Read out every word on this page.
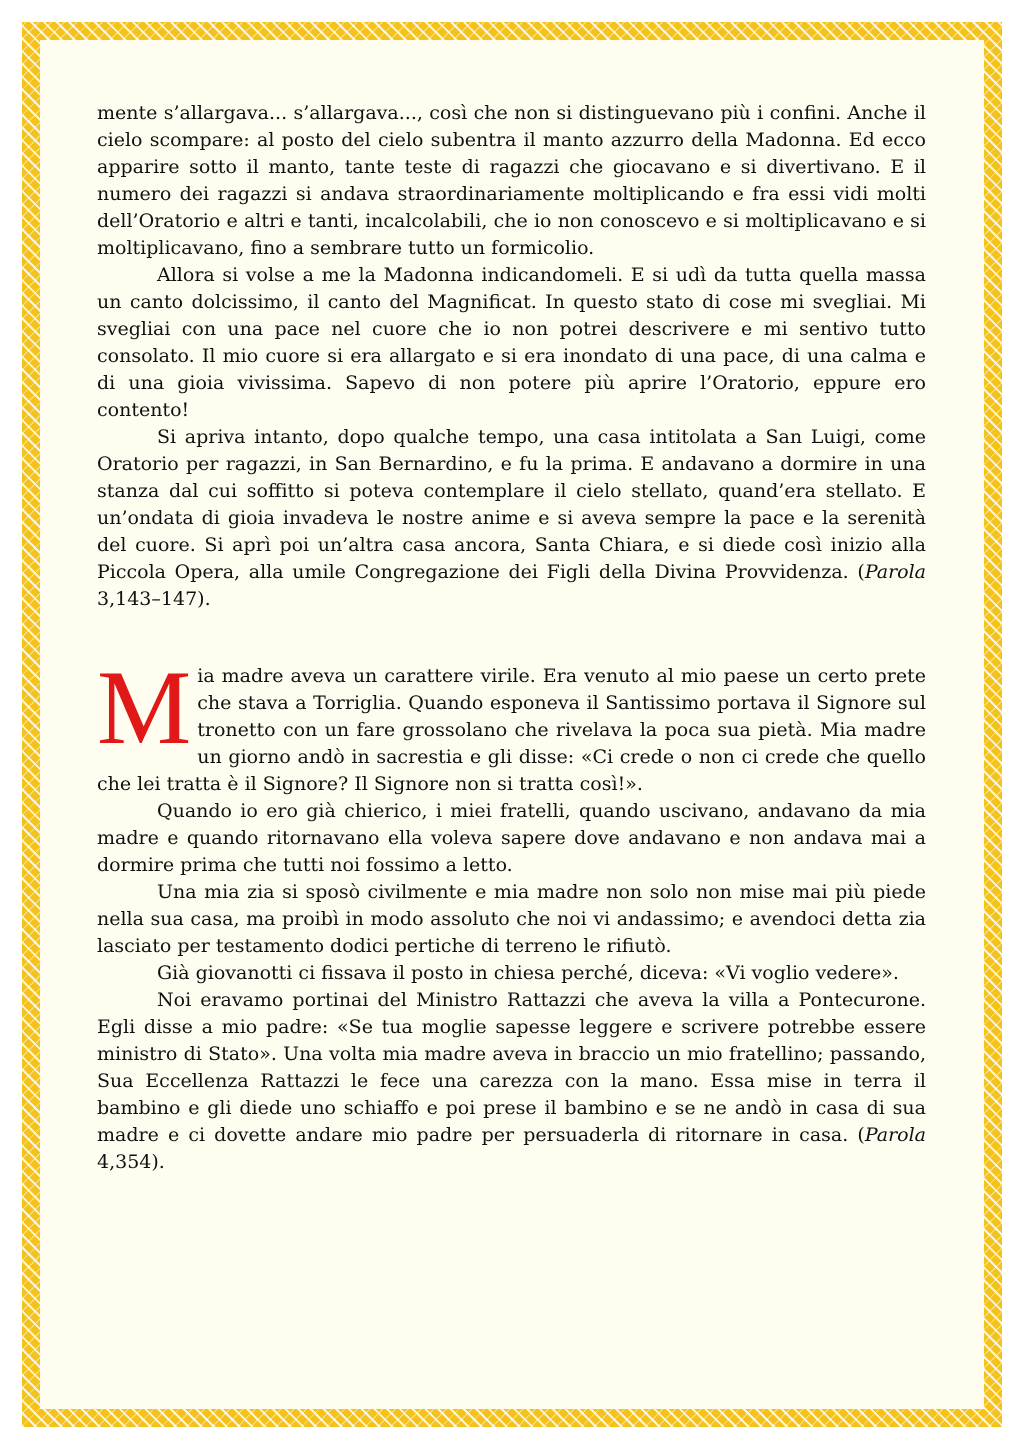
mente s’allargava... s’allargava..., così che non si distinguevano più i confini. Anche il cielo scompare: al posto del cielo subentra il manto azzurro della Madonna. Ed ecco apparire sotto il manto, tante teste di ragazzi che giocavano e si divertivano. E il numero dei ragazzi si andava straordinariamente moltiplicando e fra essi vidi molti dell’Oratorio e altri e tanti, incalcolabili, che io non conoscevo e si moltiplicavano e si moltiplicavano, fino a sembrare tutto un formicolio.

Allora si volse a me la Madonna indicandomeli. E si udì da tutta quella massa un canto dolcissimo, il canto del Magnificat. In questo stato di cose mi svegliai. Mi svegliai con una pace nel cuore che io non potrei descrivere e mi sentivo tutto consolato. Il mio cuore si era allargato e si era inondato di una pace, di una calma e di una gioia vivissima. Sapevo di non potere più aprire l’Oratorio, eppure ero contento!

Si apriva intanto, dopo qualche tempo, una casa intitolata a San Luigi, come Oratorio per ragazzi, in San Bernardino, e fu la prima. E andavano a dormire in una stanza dal cui soffitto si poteva contemplare il cielo stellato, quand’era stellato. E un’ondata di gioia invadeva le nostre anime e si aveva sempre la pace e la serenità del cuore. Si aprì poi un’altra casa ancora, Santa Chiara, e si diede così inizio alla Piccola Opera, alla umile Congregazione dei Figli della Divina Provvidenza. (Parola 3,143–147).

Mia madre aveva un carattere virile. Era venuto al mio paese un certo prete che stava a Torriglia. Quando esponeva il Santissimo portava il Signore sul tronetto con un fare grossolano che rivelava la poca sua pietà. Mia madre un giorno andò in sacrestia e gli disse: «Ci crede o non ci crede che quello che lei tratta è il Signore? Il Signore non si tratta così!».

Quando io ero già chierico, i miei fratelli, quando uscivano, andavano da mia madre e quando ritornavano ella voleva sapere dove andavano e non andava mai a dormire prima che tutti noi fossimo a letto.

Una mia zia si sposò civilmente e mia madre non solo non mise mai più piede nella sua casa, ma proibì in modo assoluto che noi vi andassimo; e avendoci detta zia lasciato per testamento dodici pertiche di terreno le rifiutò.

Già giovanotti ci fissava il posto in chiesa perché, diceva: «Vi voglio vedere».

Noi eravamo portinai del Ministro Rattazzi che aveva la villa a Pontecurone. Egli disse a mio padre: «Se tua moglie sapesse leggere e scrivere potrebbe essere ministro di Stato». Una volta mia madre aveva in braccio un mio fratellino; passando, Sua Eccellenza Rattazzi le fece una carezza con la mano. Essa mise in terra il bambino e gli diede uno schiaffo e poi prese il bambino e se ne andò in casa di sua madre e ci dovette andare mio padre per persuaderla di ritornare in casa. (Parola 4,354).
